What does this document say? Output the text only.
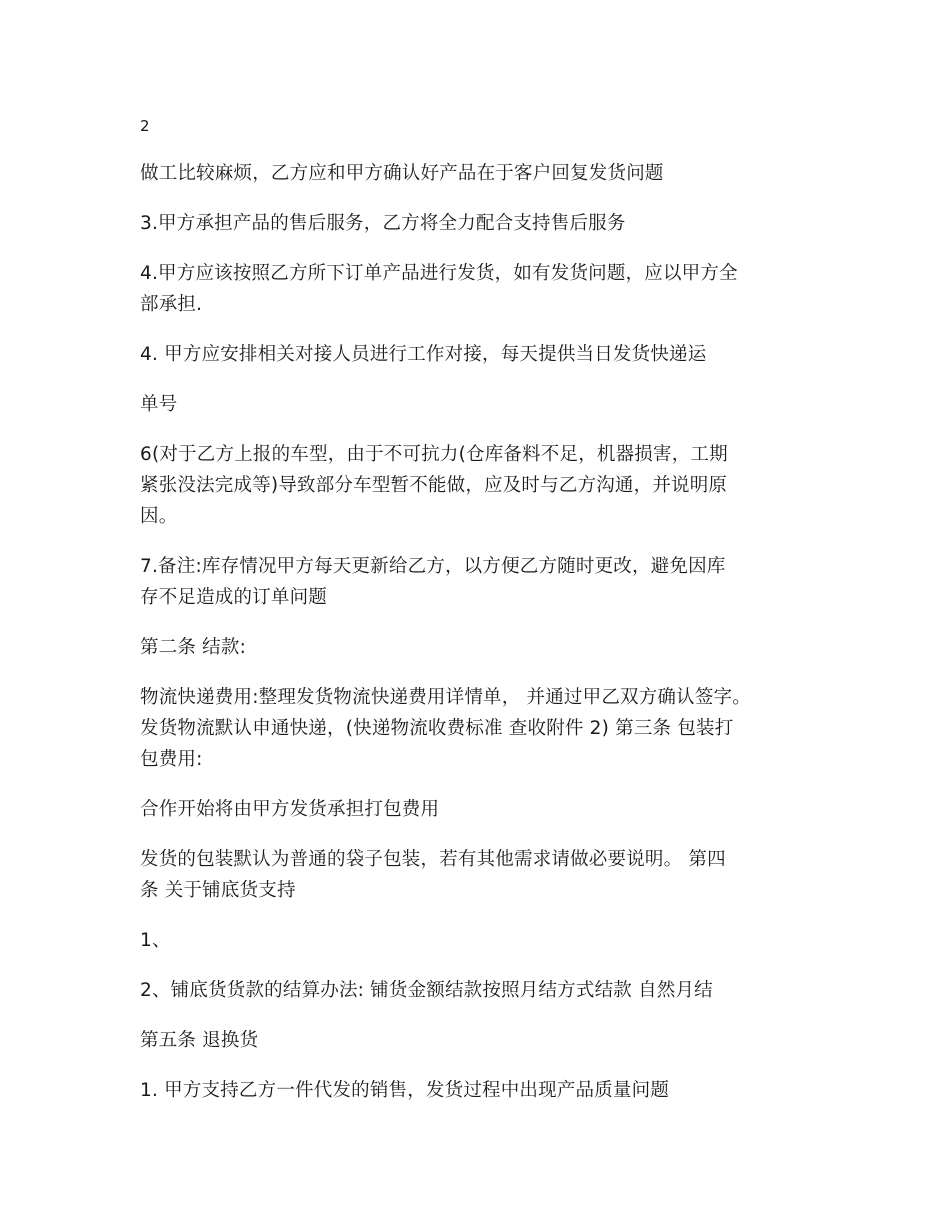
2

做工比较麻烦，乙方应和甲方确认好产品在于客户回复发货问题

3.甲方承担产品的售后服务，乙方将全力配合支持售后服务

4.甲方应该按照乙方所下订单产品进行发货，如有发货问题，应以甲方全
部承担.

4. 甲方应安排相关对接人员进行工作对接，每天提供当日发货快递运

单号

6(对于乙方上报的车型，由于不可抗力(仓库备料不足，机器损害，工期
紧张没法完成等)导致部分车型暂不能做，应及时与乙方沟通，并说明原
因。

7.备注:库存情况甲方每天更新给乙方，以方便乙方随时更改，避免因库
存不足造成的订单问题

第二条 结款:

物流快递费用:整理发货物流快递费用详情单， 并通过甲乙双方确认签字。
发货物流默认申通快递，(快递物流收费标准 查收附件 2) 第三条 包装打
包费用:

合作开始将由甲方发货承担打包费用

发货的包装默认为普通的袋子包装，若有其他需求请做必要说明。 第四
条 关于铺底货支持

1、

2、铺底货货款的结算办法: 铺货金额结款按照月结方式结款 自然月结

第五条 退换货

1. 甲方支持乙方一件代发的销售，发货过程中出现产品质量问题
